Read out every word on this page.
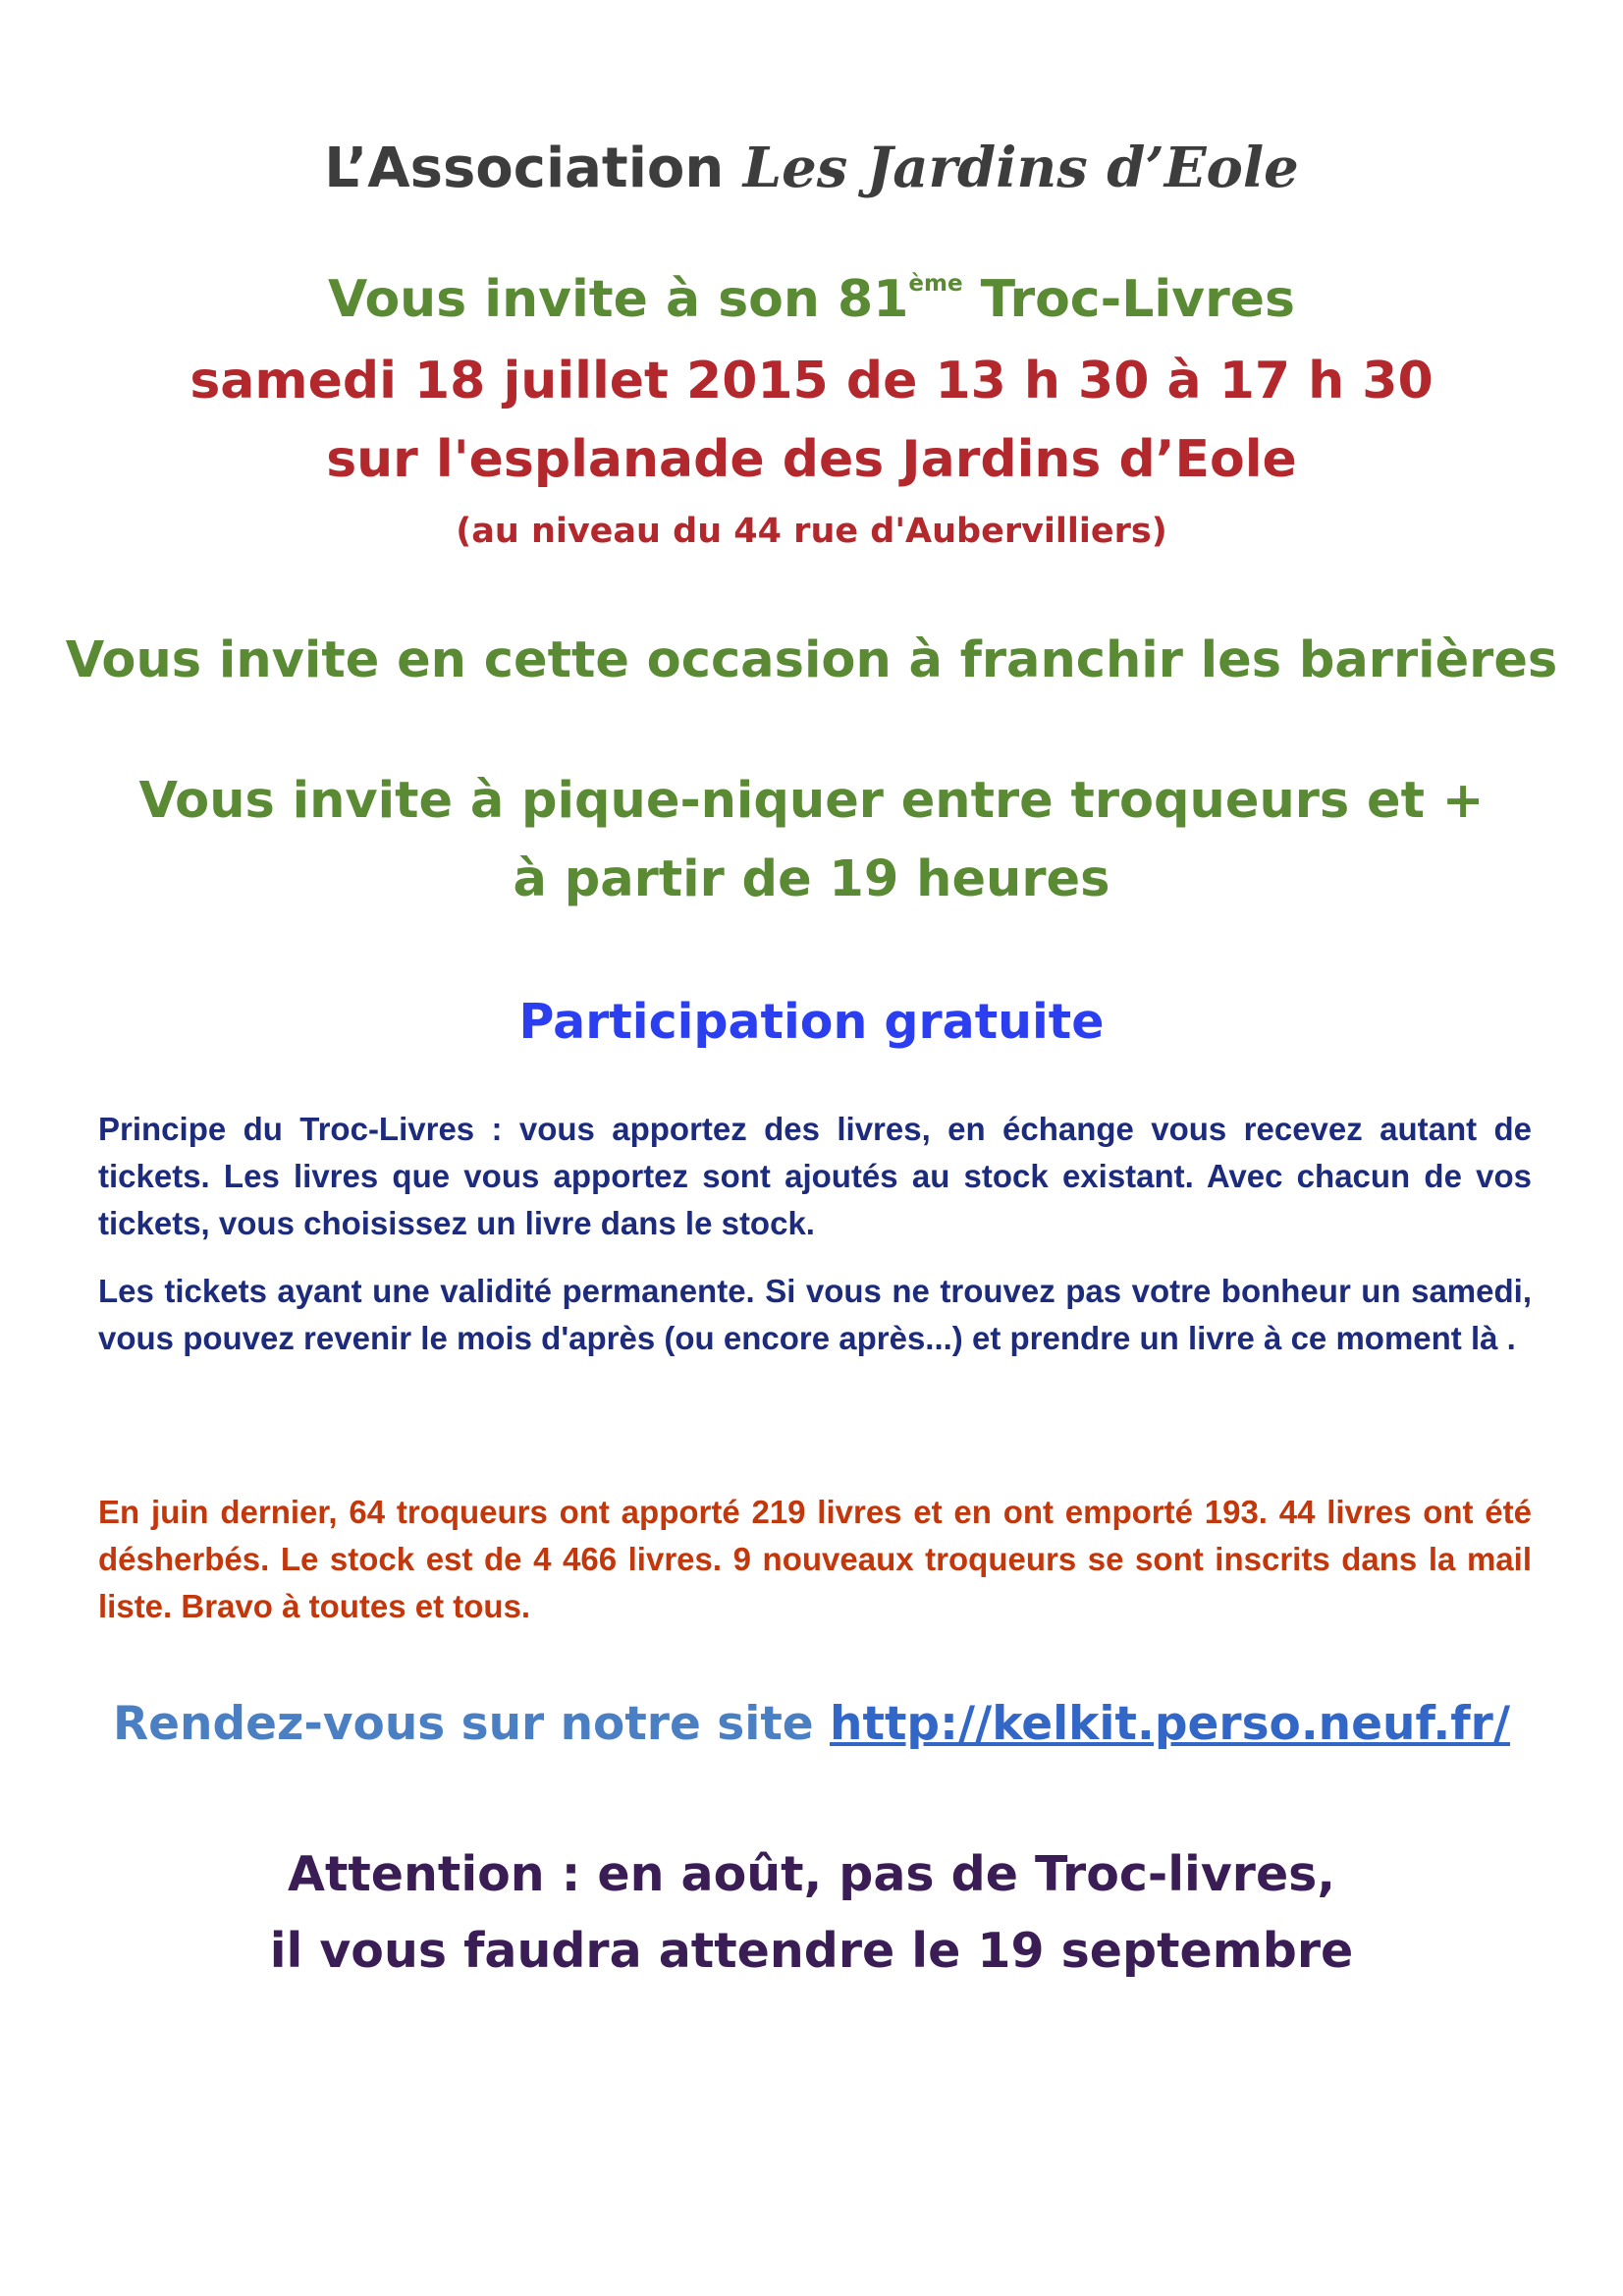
L’Association Les Jardins d’Eole
Vous invite à son 81ème Troc-Livres
samedi 18 juillet 2015 de 13 h 30 à 17 h 30
sur l'esplanade des Jardins d’Eole
(au niveau du 44 rue d'Aubervilliers)
Vous invite en cette occasion à franchir les barrières
Vous invite à pique-niquer entre troqueurs et +
à partir de 19 heures
Participation gratuite
Principe du Troc-Livres : vous apportez des livres, en échange vous recevez autant de tickets. Les livres que vous apportez sont ajoutés au stock existant. Avec chacun de vos tickets, vous choisissez un livre dans le stock.
Les tickets ayant une validité permanente. Si vous ne trouvez pas votre bonheur un samedi, vous pouvez revenir le mois d'après (ou encore après...) et prendre un livre à ce moment là .
En juin dernier, 64 troqueurs ont apporté 219 livres et en ont emporté 193. 44 livres ont été désherbés. Le stock est de 4 466 livres. 9 nouveaux troqueurs se sont inscrits dans la mail liste. Bravo à toutes et tous.
Rendez-vous sur notre site http://kelkit.perso.neuf.fr/
Attention : en août, pas de Troc-livres,
il vous faudra attendre le 19 septembre
